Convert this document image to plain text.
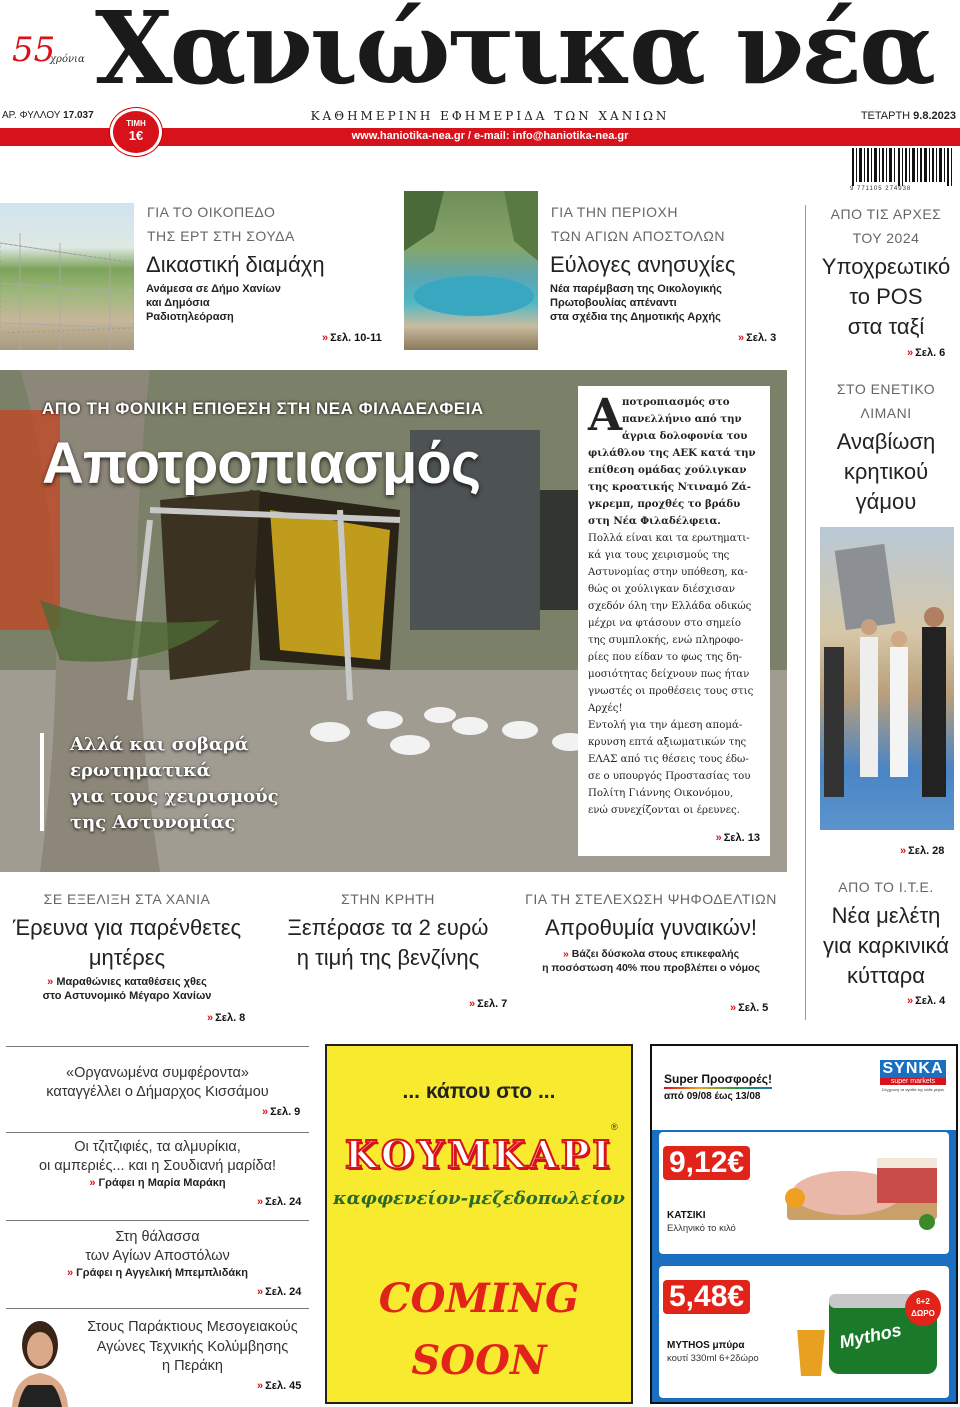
55
χρόνια Χανιώτικα νέα
ΑΡ. ΦΥΛΛΟΥ 17.037	ΚΑΘΗΜΕΡΙΝΗ ΕΦΗΜΕΡΙΔΑ ΤΩΝ ΧΑΝΙΩΝ	ΤΕΤΑΡΤΗ 9.8.2023
www.haniotika-nea.gr / e-mail: info@haniotika-nea.gr
ΤΙΜΗ
1€
9 771105 274938
ΓΙΑ ΤΟ ΟΙΚΟΠΕΔΟ
ΤΗΣ ΕΡΤ ΣΤΗ ΣΟΥΔΑ
Δικαστική διαμάχη
Ανάμεσα σε Δήμο Χανίων
και Δημόσια
Ραδιοτηλεόραση
» Σελ. 10-11
ΓΙΑ ΤΗΝ ΠΕΡΙΟΧΗ
ΤΩΝ ΑΓΙΩΝ ΑΠΟΣΤΟΛΩΝ
Εύλογες ανησυχίες
Νέα παρέμβαση της Οικολογικής
Πρωτοβουλίας απέναντι
στα σχέδια της Δημοτικής Αρχής
» Σελ. 3
ΑΠΟ ΤΙΣ ΑΡΧΕΣ
ΤΟΥ 2024
Υποχρεωτικό
το POS
στα ταξί
» Σελ. 6
ΣΤΟ ΕΝΕΤΙΚΟ
ΛΙΜΑΝΙ
Αναβίωση
κρητικού
γάμου
» Σελ. 28
ΑΠΟ ΤΟ Ι.Τ.Ε.
Νέα μελέτη
για καρκινικά
κύτταρα
» Σελ. 4
ΑΠΟ ΤΗ ΦΟΝΙΚΗ ΕΠΙΘΕΣΗ ΣΤΗ ΝΕΑ ΦΙΛΑΔΕΛΦΕΙΑ
Αποτροπιασμός
Αλλά και σοβαρά
ερωτηματικά
για τους χειρισμούς
της Αστυνομίας
Α ποτροπιασμός στο
πανελλήνιο από την
άγρια δολοφονία του
φιλάθλου της ΑΕΚ κατά την
επίθεση ομάδας χούλιγκαν
της κροατικής Ντιναμό Ζά-
γκρεμπ, προχθές το βράδυ
στη Νέα Φιλαδέλφεια.
Πολλά είναι και τα ερωτηματι-
κά για τους χειρισμούς της
Αστυνομίας στην υπόθεση, κα-
θώς οι χούλιγκαν διέσχισαν
σχεδόν όλη την Ελλάδα οδικώς
μέχρι να φτάσουν στο σημείο
της συμπλοκής, ενώ πληροφο-
ρίες που είδαν το φως της δη-
μοσιότητας δείχνουν πως ήταν
γνωστές οι προθέσεις τους στις
Αρχές!
Εντολή για την άμεση απομά-
κρυνση επτά αξιωματικών της
ΕΛΑΣ από τις θέσεις τους έδω-
σε ο υπουργός Προστασίας του
Πολίτη Γιάννης Οικονόμου,
ενώ συνεχίζονται οι έρευνες.
» Σελ. 13
ΣΕ ΕΞΕΛΙΞΗ ΣΤΑ ΧΑΝΙΑ
Έρευνα για παρένθετες
μητέρες
» Μαραθώνιες καταθέσεις χθες
στο Αστυνομικό Μέγαρο Χανίων
» Σελ. 8
ΣΤΗΝ ΚΡΗΤΗ
Ξεπέρασε τα 2 ευρώ
η τιμή της βενζίνης
» Σελ. 7
ΓΙΑ ΤΗ ΣΤΕΛΕΧΩΣΗ ΨΗΦΟΔΕΛΤΙΩΝ
Απροθυμία γυναικών!
» Βάζει δύσκολα στους επικεφαλής
η ποσόστωση 40% που προβλέπει ο νόμος
» Σελ. 5
«Οργανωμένα συμφέροντα»
καταγγέλλει ο Δήμαρχος Κισσάμου
» Σελ. 9
Οι τζιτζιφιές, τα αλμυρίκια,
οι αμπεριές... και η Σουδιανή μαρίδα!
» Γράφει η Μαρία Μαράκη
» Σελ. 24
Στη θάλασσα
των Αγίων Αποστόλων
» Γράφει η Αγγελική Μπεμπλιδάκη
» Σελ. 24
Στους Παράκτιους Μεσογειακούς
Αγώνες Τεχνικής Κολύμβησης
η Περάκη
» Σελ. 45
... κάπου στο ...
ΚΟΥΜΚΑΡΙ
®
καφφενείον-μεζεδοπωλείον
COMING
SOON
Super Προσφορές!
από 09/08 έως 13/08
SYNKA
super markets
Σύγχρονη τα αγαθά της κάθε μέρας
9,12€
ΚΑΤΣΙΚΙ
Ελληνικό το κιλό
5,48€
MYTHOS μπύρα
κουτί 330ml 6+2δώρο
Mythos
6+2 ΔΩΡΟ
